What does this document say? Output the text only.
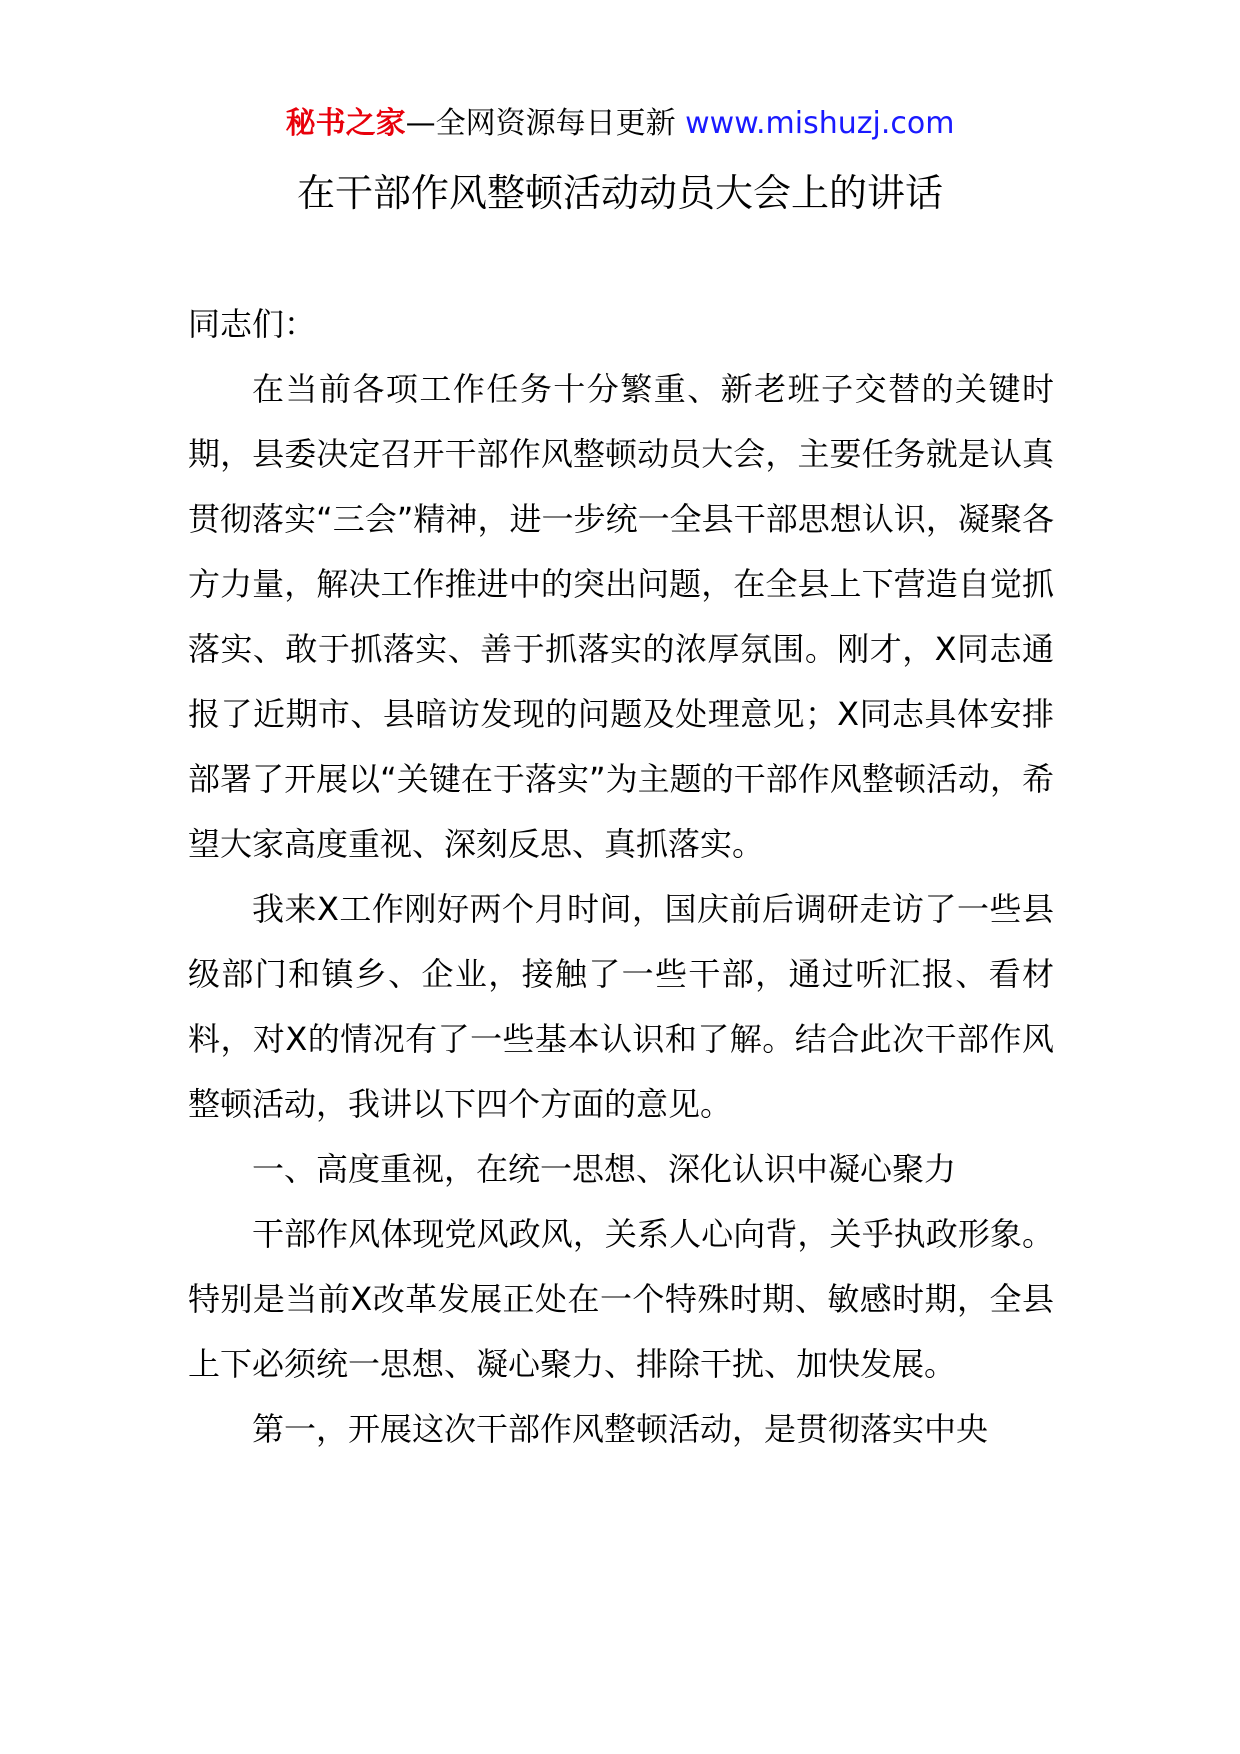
秘书之家—全网资源每日更新 www.mishuzj.com
在干部作风整顿活动动员大会上的讲话

同志们：

在当前各项工作任务十分繁重、新老班子交替的关键时期，县委决定召开干部作风整顿动员大会，主要任务就是认真贯彻落实“三会”精神，进一步统一全县干部思想认识，凝聚各方力量，解决工作推进中的突出问题，在全县上下营造自觉抓落实、敢于抓落实、善于抓落实的浓厚氛围。刚才，X同志通报了近期市、县暗访发现的问题及处理意见；X同志具体安排部署了开展以“关键在于落实”为主题的干部作风整顿活动，希望大家高度重视、深刻反思、真抓落实。

我来X工作刚好两个月时间，国庆前后调研走访了一些县级部门和镇乡、企业，接触了一些干部，通过听汇报、看材料，对X的情况有了一些基本认识和了解。结合此次干部作风整顿活动，我讲以下四个方面的意见。

一、高度重视，在统一思想、深化认识中凝心聚力

干部作风体现党风政风，关系人心向背，关乎执政形象。特别是当前X改革发展正处在一个特殊时期、敏感时期，全县上下必须统一思想、凝心聚力、排除干扰、加快发展。

第一，开展这次干部作风整顿活动，是贯彻落实中央
